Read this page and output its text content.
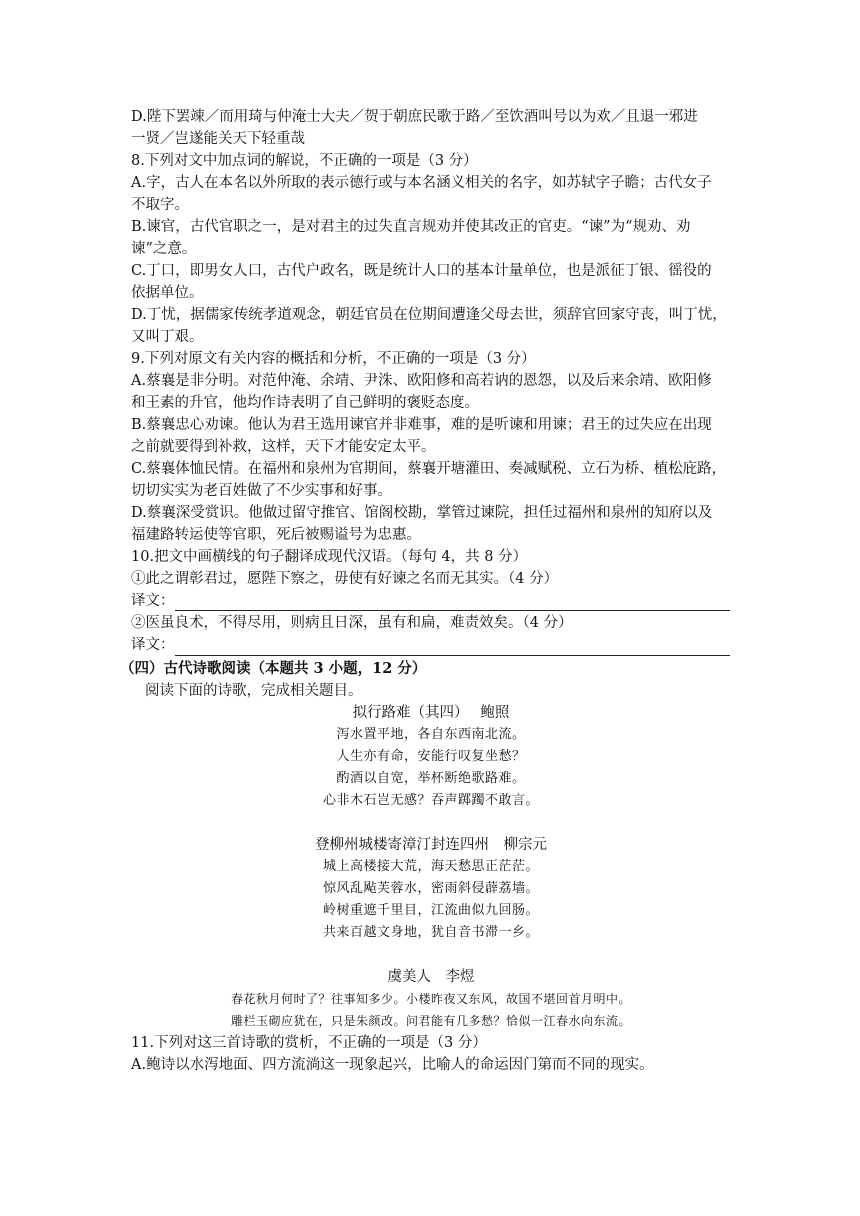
D.陛下罢竦／而用琦与仲淹士大夫／贺于朝庶民歌于路／至饮酒叫号以为欢／且退一邪进
一贤／岂遂能关天下轻重哉
8.下列对文中加点词的解说，不正确的一项是（3 分）
A.字，古人在本名以外所取的表示德行或与本名涵义相关的名字，如苏轼字子瞻；古代女子
不取字。
B.谏官，古代官职之一，是对君主的过失直言规劝并使其改正的官吏。“谏”为“规劝、劝
谏”之意。
C.丁口，即男女人口，古代户政名，既是统计人口的基本计量单位，也是派征丁银、徭役的
依据单位。
D.丁忧，据儒家传统孝道观念，朝廷官员在位期间遭逢父母去世，须辞官回家守丧，叫丁忧，
又叫丁艰。
9.下列对原文有关内容的概括和分析，不正确的一项是（3 分）
A.蔡襄是非分明。对范仲淹、余靖、尹洙、欧阳修和高若讷的恩怨，以及后来余靖、欧阳修
和王素的升官，他均作诗表明了自己鲜明的褒贬态度。
B.蔡襄忠心劝谏。他认为君王选用谏官并非难事，难的是听谏和用谏；君王的过失应在出现
之前就要得到补救，这样，天下才能安定太平。
C.蔡襄体恤民情。在福州和泉州为官期间，蔡襄开塘灌田、奏减赋税、立石为桥、植松庇路，
切切实实为老百姓做了不少实事和好事。
D.蔡襄深受赏识。他做过留守推官、馆阁校勘，掌管过谏院，担任过福州和泉州的知府以及
福建路转运使等官职，死后被赐谥号为忠惠。
10.把文中画横线的句子翻译成现代汉语。（每句 4，共 8 分）
①此之谓彰君过，愿陛下察之，毋使有好谏之名而无其实。（4 分）
译文：
②医虽良术，不得尽用，则病且日深，虽有和扁，难责效矣。（4 分）
译文：
（四）古代诗歌阅读（本题共 3 小题，12 分）
阅读下面的诗歌，完成相关题目。
拟行路难（其四）　 鲍照
泻水置平地，各自东西南北流。
人生亦有命，安能行叹复坐愁？
酌酒以自宽，举杯断绝歌路难。
心非木石岂无感？吞声踯躅不敢言。
登柳州城楼寄漳汀封连四州　柳宗元
城上高楼接大荒，海天愁思正茫茫。
惊风乱飐芙蓉水，密雨斜侵薜荔墙。
岭树重遮千里目，江流曲似九回肠。
共来百越文身地，犹自音书滞一乡。
虞美人　李煜
春花秋月何时了？往事知多少。小楼昨夜又东风，故国不堪回首月明中。
雕栏玉砌应犹在，只是朱颜改。问君能有几多愁？恰似一江春水向东流。
11.下列对这三首诗歌的赏析，不正确的一项是（3 分）
A.鲍诗以水泻地面、四方流淌这一现象起兴，比喻人的命运因门第而不同的现实。
